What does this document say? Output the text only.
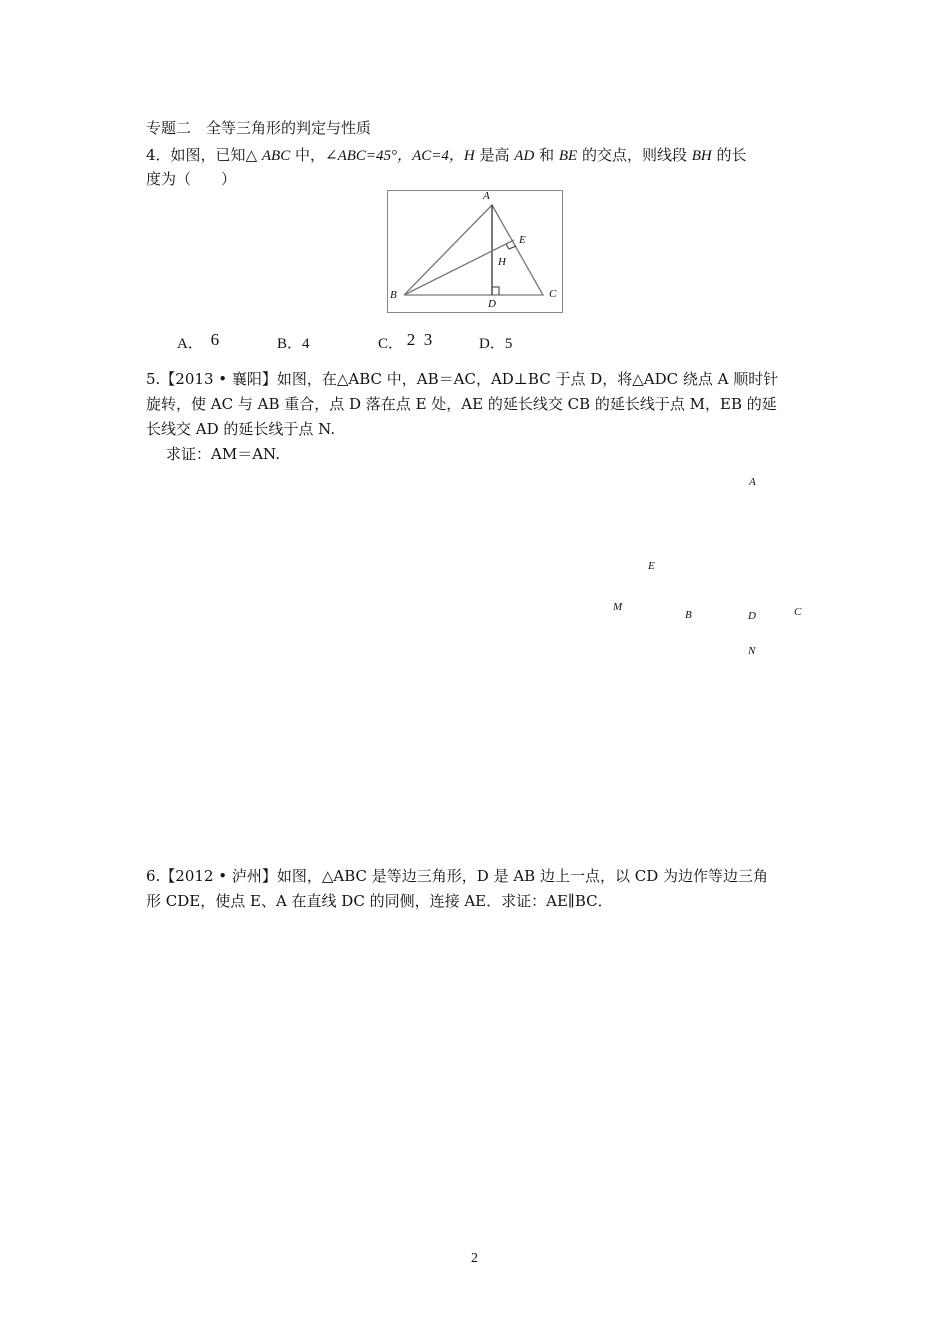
专题二　全等三角形的判定与性质
4．如图，已知△ ABC 中，∠ABC=45°，AC=4，H 是高 AD 和 BE 的交点，则线段 BH 的长
度为（　　）
A
B	C
D
E
H
A． 6	B．4	C． 2  3	D．5
5.【2013 • 襄阳】如图，在△ABC 中，AB＝AC，AD⊥BC 于点 D，将△ADC 绕点 A 顺时针
旋转，使 AC 与 AB 重合，点 D 落在点 E 处，AE 的延长线交 CB 的延长线于点 M，EB 的延
长线交 AD 的延长线于点 N.
求证：AM＝AN.
A
E
M
B	D	C
N
6.【2012 • 泸州】如图，△ABC 是等边三角形，D 是 AB 边上一点，以 CD 为边作等边三角
形 CDE，使点 E、A 在直线 DC 的同侧，连接 AE．求证：AE∥BC．
2
